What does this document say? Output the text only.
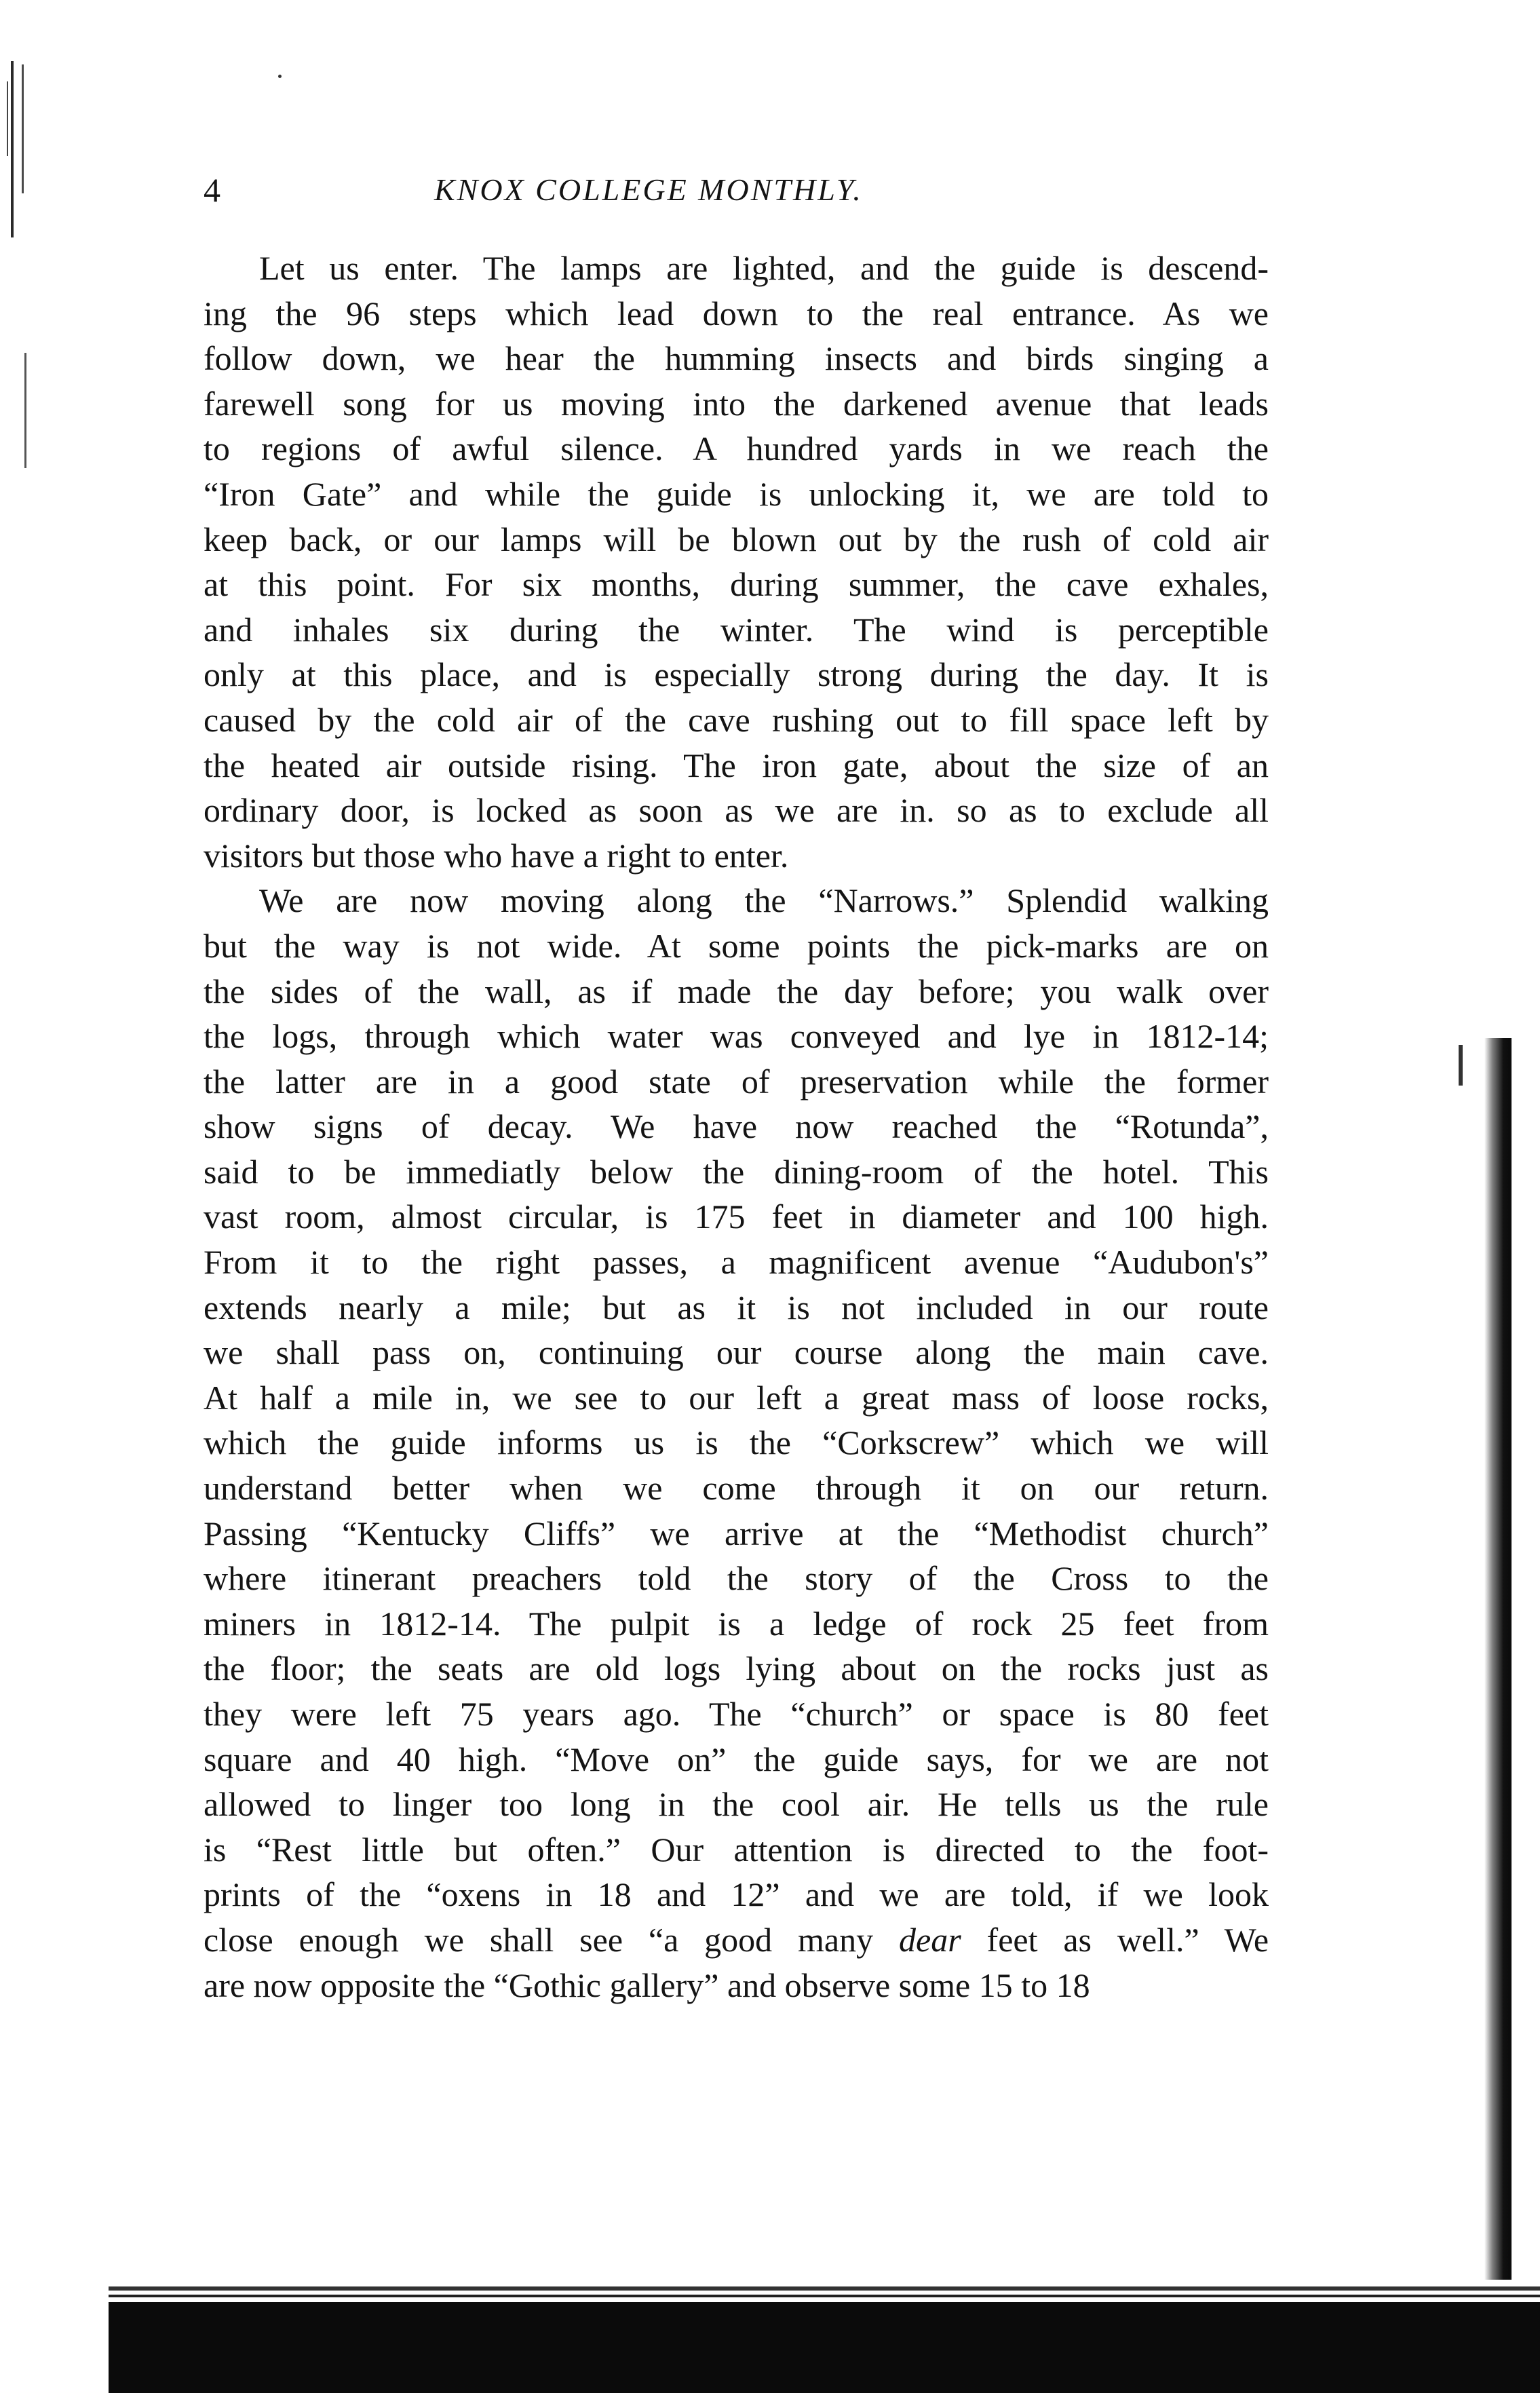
4	KNOX COLLEGE MONTHLY.
Let us enter. The lamps are lighted, and the guide is descend-
ing the 96 steps which lead down to the real entrance. As we
follow down, we hear the humming insects and birds singing a
farewell song for us moving into the darkened avenue that leads
to regions of awful silence. A hundred yards in we reach the
“Iron Gate” and while the guide is unlocking it, we are told to
keep back, or our lamps will be blown out by the rush of cold air
at this point. For six months, during summer, the cave exhales,
and inhales six during the winter. The wind is perceptible
only at this place, and is especially strong during the day. It is
caused by the cold air of the cave rushing out to fill space left by
the heated air outside rising. The iron gate, about the size of an
ordinary door, is locked as soon as we are in. so as to exclude all
visitors but those who have a right to enter.
We are now moving along the “Narrows.” Splendid walking
but the way is not wide. At some points the pick-marks are on
the sides of the wall, as if made the day before; you walk over
the logs, through which water was conveyed and lye in 1812-14;
the latter are in a good state of preservation while the former
show signs of decay. We have now reached the “Rotunda”,
said to be immediatly below the dining-room of the hotel. This
vast room, almost circular, is 175 feet in diameter and 100 high.
From it to the right passes, a magnificent avenue “Audubon's”
extends nearly a mile; but as it is not included in our route
we shall pass on, continuing our course along the main cave.
At half a mile in, we see to our left a great mass of loose rocks,
which the guide informs us is the “Corkscrew” which we will
understand better when we come through it on our return.
Passing “Kentucky Cliffs” we arrive at the “Methodist church”
where itinerant preachers told the story of the Cross to the
miners in 1812-14. The pulpit is a ledge of rock 25 feet from
the floor; the seats are old logs lying about on the rocks just as
they were left 75 years ago. The “church” or space is 80 feet
square and 40 high. “Move on” the guide says, for we are not
allowed to linger too long in the cool air. He tells us the rule
is “Rest little but often.” Our attention is directed to the foot-
prints of the “oxens in 18 and 12” and we are told, if we look
close enough we shall see “a good many dear feet as well.” We
are now opposite the “Gothic gallery” and observe some 15 to 18
